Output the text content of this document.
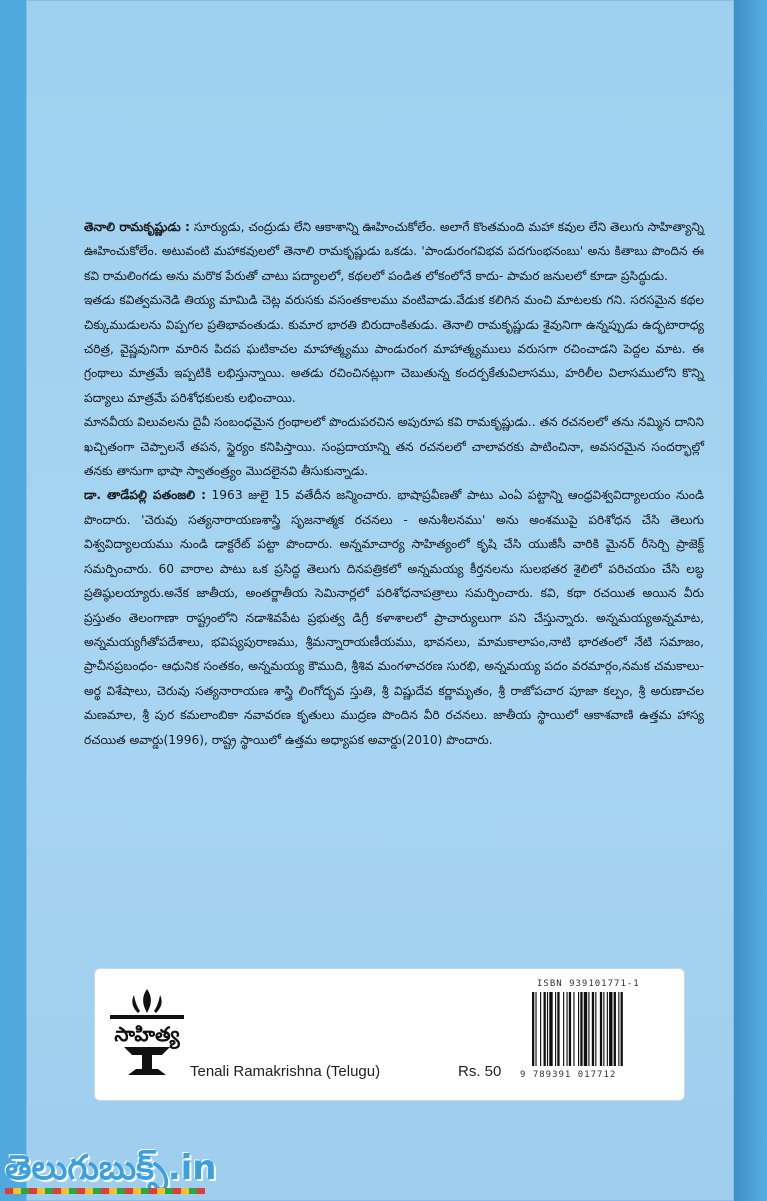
తెనాలి రామకృష్ణుడు : సూర్యుడు, చంద్రుడు లేని ఆకాశాన్ని ఊహించుకోలేం. అలాగే కొంతమంది మహా కవుల లేని తెలుగు సాహిత్యాన్ని ఊహించుకోలేం. అటువంటి మహాకవులలో తెనాలి రామకృష్ణుడు ఒకడు. 'పాండురంగవిభవ పదగుంభనంబు' అను కితాబు పొందిన ఈ కవి రామలింగడు అను మరొక పేరుతో చాటు పద్యాలలో, కథలలో పండిత లోకంలోనే కాదు- పామర జనులలో కూడా ప్రసిద్ధుడు.

ఇతడు కవిత్వమనెడి తియ్య మామిడి చెట్ల వరుసకు వసంతకాలము వంటివాడు.వేడుక కలిగిన మంచి మాటలకు గని. సరసమైన కథల చిక్కుముడులను విప్పగల ప్రతిభావంతుడు. కుమార భారతి బిరుదాంకితుడు. తెనాలి రామకృష్ణుడు శైవునిగా ఉన్నప్పుడు ఉద్భటారాధ్య చరిత్ర, వైష్ణవునిగా మారిన పిదప ఘటికాచల మాహాత్మ్యము పాండురంగ మాహాత్మ్యములు వరుసగా రచించాడని పెద్దల మాట. ఈ గ్రంథాలు మాత్రమే ఇప్పటికి లభిస్తున్నాయి. అతడు రచించినట్లుగా చెబుతున్న కందర్పకేతువిలాసము, హరిలీల విలాసములోని కొన్ని పద్యాలు మాత్రమే పరిశోధకులకు లభించాయి.

మానవీయ విలువలను దైవీ సంబంధమైన గ్రంథాలలో పొందుపరచిన అపురూప కవి రామకృష్ణుడు.. తన రచనలలో తను నమ్మిన దానిని ఖచ్చితంగా చెప్పాలనే తపన, స్థైర్యం కనిపిస్తాయి. సంప్రదాయాన్ని తన రచనలలో చాలావరకు పాటించినా, అవసరమైన సందర్భాల్లో తనకు తానుగా భాషా స్వాతంత్ర్యం మొదలైనవి తీసుకున్నాడు.

డా. తాడేపల్లి పతంజలి : 1963 జులై 15 వతేదీన జన్మించారు. భాషాప్రవీణతో పాటు ఎంఏ పట్టాన్ని ఆంధ్రవిశ్వవిద్యాలయం నుండి పొందారు. 'చెరువు సత్యనారాయణశాస్త్రి సృజనాత్మక రచనలు - అనుశీలనము' అను అంశముపై పరిశోధన చేసి తెలుగు విశ్వవిద్యాలయము నుండి డాక్టరేట్ పట్టా పొందారు. అన్నమాచార్య సాహిత్యంలో కృషి చేసి యుజీసీ వారికి మైనర్ రీసెర్చి ప్రాజెక్ట్ సమర్పించారు. 60 వారాల పాటు ఒక ప్రసిద్ధ తెలుగు దినపత్రికలో అన్నమయ్య కీర్తనలను సులభతర శైలిలో పరిచయం చేసి లబ్ధ ప్రతిష్ఠులయ్యారు.అనేక జాతీయ, అంతర్జాతీయ సెమినార్లలో పరిశోధనాపత్రాలు సమర్పించారు. కవి, కథా రచయిత అయిన వీరు ప్రస్తుతం తెలంగాణా రాష్ట్రంలోని నడాశివపేట ప్రభుత్వ డిగ్రీ కళాశాలలో ప్రాచార్యులుగా పని చేస్తున్నారు. అన్నమయ్యఅన్నమాట, అన్నమయ్యగీతోపదేశాలు, భవిష్యపురాణము, శ్రీమన్నారాయణీయము, భావనలు, మామకాలాపం,నాటి భారతంలో నేటి సమాజం, ప్రాచీనప్రబంధం- ఆధునిక సంతకం, అన్నమయ్య కౌముది, శ్రీశివ మంగళాచరణ సురభి, అన్నమయ్య పదం వరమార్గం,నమక చమకాలు-అర్థ విశేషాలు, చెరువు సత్యనారాయణ శాస్త్రి లింగోద్భవ స్తుతి, శ్రీ విష్ణుదేవ కర్ణామృతం, శ్రీ రాజోపచార పూజా కల్పం, శ్రీ అరుణాచల మణమాల, శ్రీ పుర కమలాంబికా నవావరణ కృతులు ముద్రణ పొందిన వీరి రచనలు. జాతీయ స్థాయిలో ఆకాశవాణి ఉత్తమ హాస్య రచయిత అవార్డు(1996), రాష్ట్ర స్థాయిలో ఉత్తమ అధ్యాపక అవార్డు(2010) పొందారు.

సాహిత్య
Tenali Ramakrishna (Telugu)	Rs. 50
ISBN 939101771-1
9 789391 017712
తెలుగుబుక్స్.in
